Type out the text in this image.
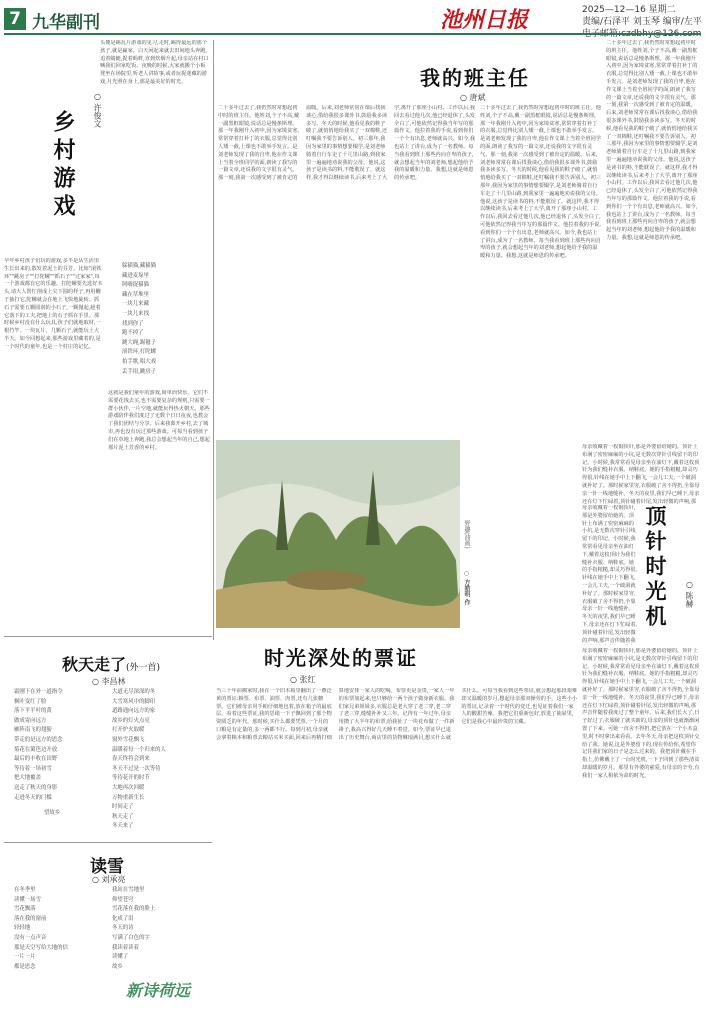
7 九华副刊	池州日报	2025—12—16 星期二
责编/石泽平 刘玉琴 编审/左平
乡村游戏
○ 许俊文
头便是踢瓦片游戏的见习,走时,踢得最远的那个孩子,就是赢家。白天闲起来就去田间地头奔跑,追着蜻蜓,捉着蚂蚱,直到炊烟升起,母亲站在村口喊我们回家吃饭。夜晚的时候,大家就搬个小板凳坐在场院里,听老人讲故事,或者玩捉迷藏的游戏,月光照在身上,那是最美好的时光。
早年乡村孩子们玩的游戏,多半是从生活里生长出来的,散发着泥土的芬芳。比如"滚铁环""跳房子""打陀螺""抓石子""过家家",每一个游戏都有它的乐趣。打陀螺要先选好木头,请大人帮忙削成上尖下圆的样子,再用鞭子抽打它,陀螺就会在地上飞快地旋转。抓石子需要五颗圆润的小石子,一颗抛起,趁着它落下的工夫,把地上的石子抓在手里。那时候乡村没有什么玩具,孩子们就地取材,一根竹竿、一块瓦片、几颗石子,就能玩上大半天。如今回想起来,那些游戏里藏着的,是一个时代的童年,也是一个村庄的记忆。
躲猫猫,藏猫猫
藏进麦垛里
阿嗨捉猫猫
藏在草堆里
一块儿来藏
一块儿来找
找到你了
跑不掉了
跳大绳,踢毽子
滚铁环,打陀螺
拍手歌,唱大戏
丢手绢,跳房子
这就是我们童年的游戏,简单而快乐。它们不需要花钱去买,也不需要复杂的规则,只需要一群小伙伴,一片空地,就能玩得热火朝天。那些游戏陪伴我们度过了无数个日日夜夜,也教会了我们团结与分享。后来我离开乡村,去了城市,再也没有玩过那些游戏。可每当看到孩子们在草地上奔跑,我总会想起当年的自己,想起那片泥土芳香的乡村。
我的班主任
○ 唐斌
二十多年过去了,我仍然时常想起初中时的班主任。他姓刘,个子不高,戴一副黑框眼镜,说话总是慢条斯理。那一年我刚升入初中,因为家境贫寒,常常穿着打补丁的衣服,总觉得比别人矮一截,上课也不敢举手发言。是刘老师发现了我的自卑,他在作文课上当着全班同学的面,朗读了我写的一篇文章,还说我的文字很有灵气。那一刻,我第一次感受到了被肯定的温暖。后来,刘老师常常在课后找我谈心,借给我很多课外书,鼓励我多读多写。冬天的时候,他看见我的鞋子破了,就悄悄地给我买了一双棉鞋,还叮嘱我不要告诉别人。初三那年,我因为家里的事情想要辍学,是刘老师骑着自行车走了十几里山路,到我家里一遍遍地劝说我的父母。他说,这孩子是读书的料,不能耽误了。就这样,我才得以继续读书,后来考上了大学,离开了那座小山村。工作以后,我回去看过他几次,他已经退休了,头发全白了,可他依然记得我当年写的那篇作文。他拉着我的手说,看到你们一个个有出息,老师就高兴。如今,我也站上了讲台,成为了一名教师。每当我看到班上那些内向自卑的孩子,就会想起当年的刘老师,想起他给予我的温暖和力量。我想,这就是师恩的传承吧。
二十多年过去了,我仍然时常想起初中时的班主任。他姓刘,个子不高,戴一副黑框眼镜,说话总是慢条斯理。那一年我刚升入初中,因为家境贫寒,常常穿着打补丁的衣服,总觉得比别人矮一截,上课也不敢举手发言。是刘老师发现了我的自卑,他在作文课上当着全班同学的面,朗读了我写的一篇文章,还说我的文字很有灵气。那一刻,我第一次感受到了被肯定的温暖。后来,刘老师常常在课后找我谈心,借给我很多课外书,鼓励我多读多写。冬天的时候,他看见我的鞋子破了,就悄悄地给我买了一双棉鞋,还叮嘱我不要告诉别人。初三那年,我因为家里的事情想要辍学,是刘老师骑着自行车走了十几里山路,到我家里一遍遍地劝说我的父母。他说,这孩子是读书的料,不能耽误了。就这样,我才得以继续读书,后来考上了大学,离开了那座小山村。工作以后,我回去看过他几次,他已经退休了,头发全白了,可他依然记得我当年写的那篇作文。他拉着我的手说,看到你们一个个有出息,老师就高兴。如今,我也站上了讲台,成为了一名教师。每当我看到班上那些内向自卑的孩子,就会想起当年的刘老师,想起他给予我的温暖和力量。我想,这就是师恩的传承吧。
二十多年过去了,我仍然时常想起初中时的班主任。他姓刘,个子不高,戴一副黑框眼镜,说话总是慢条斯理。那一年我刚升入初中,因为家境贫寒,常常穿着打补丁的衣服,总觉得比别人矮一截,上课也不敢举手发言。是刘老师发现了我的自卑,他在作文课上当着全班同学的面,朗读了我写的一篇文章,还说我的文字很有灵气。那一刻,我第一次感受到了被肯定的温暖。后来,刘老师常常在课后找我谈心,借给我很多课外书,鼓励我多读多写。冬天的时候,他看见我的鞋子破了,就悄悄地给我买了一双棉鞋,还叮嘱我不要告诉别人。初三那年,我因为家里的事情想要辍学,是刘老师骑着自行车走了十几里山路,到我家里一遍遍地劝说我的父母。他说,这孩子是读书的料,不能耽误了。就这样,我才得以继续读书,后来考上了大学,离开了那座小山村。工作以后,我回去看过他几次,他已经退休了,头发全白了,可他依然记得我当年写的那篇作文。他拉着我的手说,看到你们一个个有出息,老师就高兴。如今,我也站上了讲台,成为了一名教师。每当我看到班上那些内向自卑的孩子,就会想起当年的刘老师,想起他给予我的温暖和力量。我想,这就是师恩的传承吧。
野趣(油画)
○ 方皓明 作
母亲收藏着一枚铜顶针,那是外婆留给她的。顶针上布满了密密麻麻的小坑,是无数次穿针引线留下的印记。小时候,我常常看见母亲坐在油灯下,戴着这枚顶针为我们缝补衣服、纳鞋底。她的手指粗糙,却灵巧得很,针线在她手中上下翻飞,一会儿工夫,一个破洞就补好了。那时候家里穷,衣服破了舍不得扔,全靠母亲一针一线地缝补。冬天的夜里,我们早已睡下,母亲还在灯下忙碌着,顶针碰着针尾,发出轻微的声响,那
顶针时光机 ○ 陈赫
母亲收藏着一枚铜顶针,那是外婆留给她的。顶针上布满了密密麻麻的小坑,是无数次穿针引线留下的印记。小时候,我常常看见母亲坐在油灯下,戴着这枚顶针为我们缝补衣服、纳鞋底。她的手指粗糙,却灵巧得很,针线在她手中上下翻飞,一会儿工夫,一个破洞就补好了。那时候家里穷,衣服破了舍不得扔,全靠母亲一针一线地缝补。冬天的夜里,我们早已睡下,母亲还在灯下忙碌着,顶针碰着针尾,发出轻微的声响,那声音伴随着我
母亲收藏着一枚铜顶针,那是外婆留给她的。顶针上布满了密密麻麻的小坑,是无数次穿针引线留下的印记。小时候,我常常看见母亲坐在油灯下,戴着这枚顶针为我们缝补衣服、纳鞋底。她的手指粗糙,却灵巧得很,针线在她手中上下翻飞,一会儿工夫,一个破洞就补好了。那时候家里穷,衣服破了舍不得扔,全靠母亲一针一线地缝补。冬天的夜里,我们早已睡下,母亲还在灯下忙碌着,顶针碰着针尾,发出轻微的声响,那声音伴随着我度过了整个童年。后来,我们长大了,日子好过了,衣服破了就买新的,母亲的顶针也就渐渐闲置了下来。可她一直舍不得扔,把它放在一个小木盒里,时不时拿出来看看。去年冬天,母亲把这枚顶针交给了我。她说,这是外婆留下的,现在传给你,希望你记住我们家的日子是怎么过来的。我把顶针戴在手指上,仿佛戴上了一台时光机,一下子回到了那些清贫却温暖的岁月。那里有外婆的慈爱,有母亲的辛劳,有我们一家人相依为命的时光。
时光深处的票证
○ 张红
当三十年前搬家时,我在一个旧木箱里翻出了一叠泛黄的票证:粮票、布票、油票、肉票,还有几张糖票。它们被母亲用手帕仔细地包着,放在箱子的最底层。看着这些票证,我的思绪一下子飘回到了那个物资匮乏的年代。那时候,买什么都要凭票,一个月的口粮是有定量的,多一两都不行。每到月初,母亲就会拿着粮本和粮票去粮站买米买面,回来后再精打细算地安排一家人的吃喝。布票更是金贵,一家人一年的布票加起来,也只够给一两个孩子做身新衣服。我们家兄弟姐妹多,衣服总是老大穿了老二穿,老二穿了老三穿,缝缝补补又三年。记得有一年过年,母亲用攒了大半年的布票,给我扯了一块花布做了一件新褂子,我高兴得好几天睡不着觉。如今,票证早已退出了历史舞台,商店里的货物琳琅满目,想买什么就买什么。可每当我看到这些票证,就会想起那段艰难却又温暖的岁月,想起母亲那双操劳的手。这些小小的票证,记录着一个时代的变迁,也见证着我们一家人的酸甜苦辣。我把它们重新包好,放进了抽屉里,它们是我心中最珍贵的宝藏。
秋天走了(外一首)
○ 李昌林
霜刚下在外一道指令
枫叶变红了脸
落下平平叶的黄
做成寄向远方
雁阵南飞的翅膀
带走的是远方的思念
菊花在篱笆边开放
最后的丰收在田野
等待着一场初雪
把大地覆盖
送走了秋天的身影
走进冬天的门槛
望故乡
大道无尽深深的冬
大雪寒风中的脚印
道路通向远方的家
故乡的灯火点亮
打开炉火取暖
窗外雪花飘飞
温暖着每一个归来的人
春天终将会到来
冬天不过是一次等待
等待花开的时节
大地再次回暖
万物重新生长
时间走了
秋天走了
冬天来了
读雪
○ 刘承亮
在冬季里
读懂一场雪
雪花飘落
落在我的窗前
轻轻地
没有一点声音
那是天空写给大地的信
一片一片
都是思念
我站在雪地里
仰望苍穹
雪花落在我的脸上
化成了泪
冬天的诗
写满了白色的字
我读着读着
读懂了
故乡
新诗荷远
